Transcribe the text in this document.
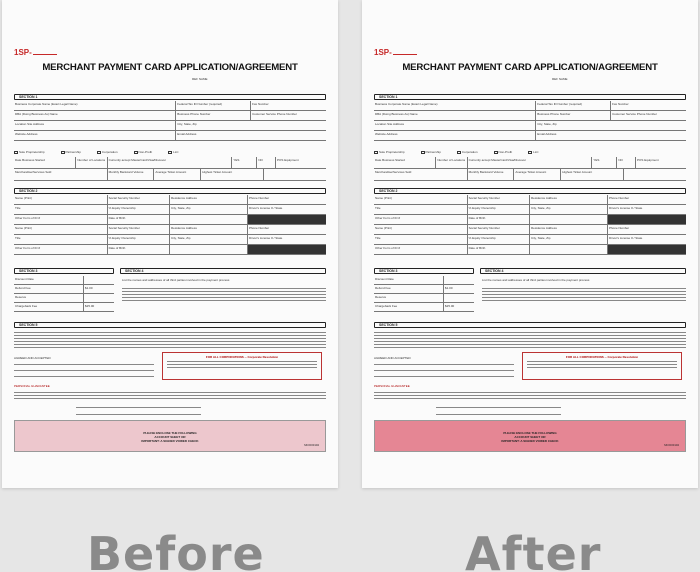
1SP-
MERCHANT PAYMENT CARD APPLICATION/AGREEMENT
REF NAME
SECTION 1
Business Corporate Name (Exact Legal Name)	Federal Tax ID Number (required)	Fax Number
DBA (Doing Business As) Name	Business Phone Number	Customer Service Phone Number
Location Site Address	City, State, Zip
Website Address	Email Address
Sole Proprietorship	Partnership	Corporation	Non-Profit	LLC
Date Business Started	Number of Locations	Currently accept MasterCard/Visa/Discover	YES	NO	POS Equipment
Merchandise/Services Sold	Monthly Bankcard Volume	Average Ticket Amount	Highest Ticket Amount
SECTION 2
Name (Print)	Social Security Number	Residence Address	Phone Number
Title	% Equity Ownership	City, State, Zip	Driver's License # / State
Other Form of ID #	Date of Birth
Name (Print)	Social Security Number	Residence Address	Phone Number
Title	% Equity Ownership	City, State, Zip	Driver's License # / State
Other Form of ID #	Date of Birth
SECTION 3	SECTION 4
Discount Rate
Refund Fee	$1.00
Reserve
Chargeback Fee	$25.00
List the names and addresses of all third parties involved in the payment process
SECTION 5
AGREED AND ACCEPTED	FOR ALL CORPORATIONS -- Corporate Resolution
PERSONAL GUARANTEE
PLEASE ENCLOSE THE FOLLOWING
ACCOUNT SHEET OR
IMPORTANT: A SIGNED VOIDED CHECK
MCDO0104
1SP-
MERCHANT PAYMENT CARD APPLICATION/AGREEMENT
REF NAME
SECTION 1
Business Corporate Name (Exact Legal Name)	Federal Tax ID Number (required)	Fax Number
DBA (Doing Business As) Name	Business Phone Number	Customer Service Phone Number
Location Site Address	City, State, Zip
Website Address	Email Address
Sole Proprietorship	Partnership	Corporation	Non-Profit	LLC
Date Business Started	Number of Locations	Currently accept MasterCard/Visa/Discover	YES	NO	POS Equipment
Merchandise/Services Sold	Monthly Bankcard Volume	Average Ticket Amount	Highest Ticket Amount
SECTION 2
Name (Print)	Social Security Number	Residence Address	Phone Number
Title	% Equity Ownership	City, State, Zip	Driver's License # / State
Other Form of ID #	Date of Birth
Name (Print)	Social Security Number	Residence Address	Phone Number
Title	% Equity Ownership	City, State, Zip	Driver's License # / State
Other Form of ID #	Date of Birth
SECTION 3	SECTION 4
Discount Rate
Refund Fee	$1.00
Reserve
Chargeback Fee	$25.00
List the names and addresses of all third parties involved in the payment process
SECTION 5
AGREED AND ACCEPTED	FOR ALL CORPORATIONS -- Corporate Resolution
PERSONAL GUARANTEE
PLEASE ENCLOSE THE FOLLOWING
ACCOUNT SHEET OR
IMPORTANT: A SIGNED VOIDED CHECK
MCDO0104
Before	After
